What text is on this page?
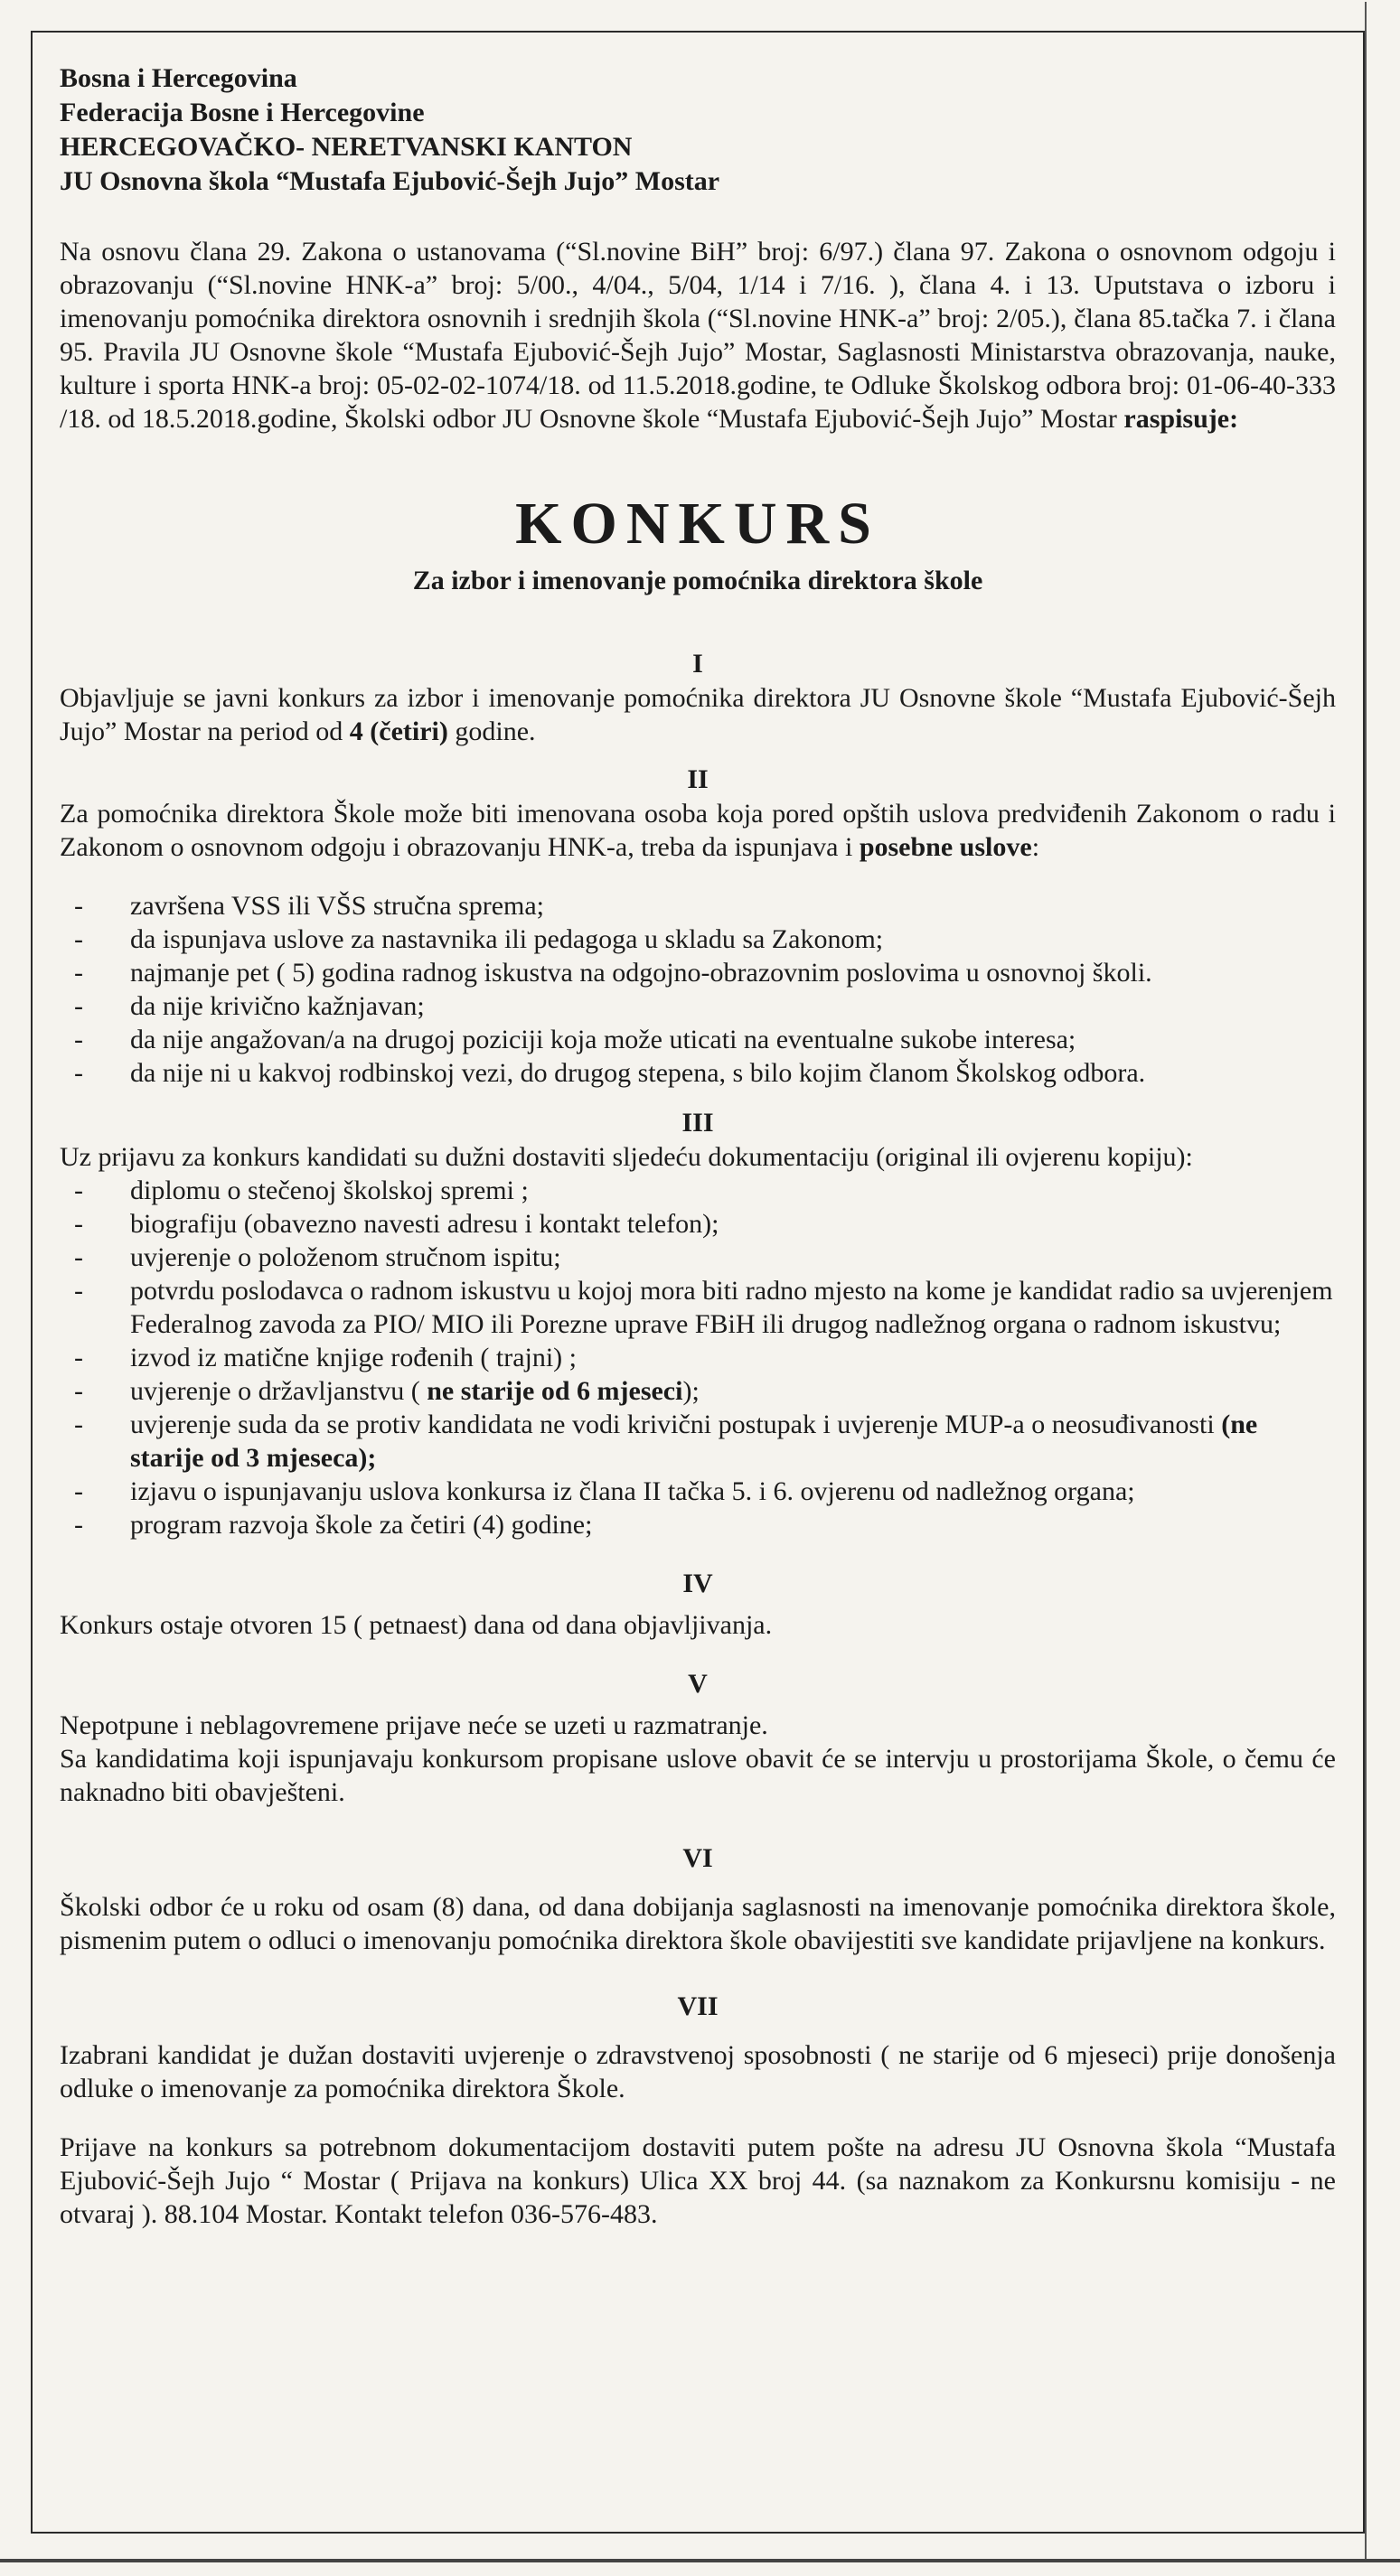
Bosna i Hercegovina
Federacija Bosne i Hercegovine
HERCEGOVAČKO- NERETVANSKI KANTON
JU Osnovna škola “Mustafa Ejubović-Šejh Jujo” Mostar
Na osnovu člana 29. Zakona o ustanovama (“Sl.novine BiH” broj: 6/97.) člana 97. Zakona o osnovnom odgoju i obrazovanju (“Sl.novine HNK-a” broj: 5/00., 4/04., 5/04, 1/14 i 7/16. ), člana 4. i 13. Uputstava o izboru i imenovanju pomoćnika direktora osnovnih i srednjih škola (“Sl.novine HNK-a” broj: 2/05.), člana 85.tačka 7. i člana 95. Pravila JU Osnovne škole “Mustafa Ejubović-Šejh Jujo” Mostar, Saglasnosti Ministarstva obrazovanja, nauke, kulture i sporta HNK-a broj: 05-02-02-1074/18. od 11.5.2018.godine, te Odluke Školskog odbora broj: 01-06-40-333 /18. od 18.5.2018.godine, Školski odbor JU Osnovne škole “Mustafa Ejubović-Šejh Jujo” Mostar raspisuje:
KONKURS
Za izbor i imenovanje pomoćnika direktora škole
I
Objavljuje se javni konkurs za izbor i imenovanje pomoćnika direktora JU Osnovne škole “Mustafa Ejubović-Šejh Jujo” Mostar na period od 4 (četiri) godine.
II
Za pomoćnika direktora Škole može biti imenovana osoba koja pored opštih uslova predviđenih Zakonom o radu i Zakonom o osnovnom odgoju i obrazovanju HNK-a, treba da ispunjava i posebne uslove:
- završena VSS ili VŠS stručna sprema;
- da ispunjava uslove za nastavnika ili pedagoga u skladu sa Zakonom;
- najmanje pet ( 5) godina radnog iskustva na odgojno-obrazovnim poslovima u osnovnoj školi.
- da nije krivično kažnjavan;
- da nije angažovan/a na drugoj poziciji koja može uticati na eventualne sukobe interesa;
- da nije ni u kakvoj rodbinskoj vezi, do drugog stepena, s bilo kojim članom Školskog odbora.
III
Uz prijavu za konkurs kandidati su dužni dostaviti sljedeću dokumentaciju (original ili ovjerenu kopiju):
- diplomu o stečenoj školskoj spremi ;
- biografiju (obavezno navesti adresu i kontakt telefon);
- uvjerenje o položenom stručnom ispitu;
- potvrdu poslodavca o radnom iskustvu u kojoj mora biti radno mjesto na kome je kandidat radio sa uvjerenjem Federalnog zavoda za PIO/ MIO ili Porezne uprave FBiH ili drugog nadležnog organa o radnom iskustvu;
- izvod iz matične knjige rođenih ( trajni) ;
- uvjerenje o državljanstvu ( ne starije od 6 mjeseci);
- uvjerenje suda da se protiv kandidata ne vodi krivični postupak i uvjerenje MUP-a o neosuđivanosti (ne starije od 3 mjeseca);
- izjavu o ispunjavanju uslova konkursa iz člana II tačka 5. i 6. ovjerenu od nadležnog organa;
- program razvoja škole za četiri (4) godine;
IV
Konkurs ostaje otvoren 15 ( petnaest) dana od dana objavljivanja.
V
Nepotpune i neblagovremene prijave neće se uzeti u razmatranje.
Sa kandidatima koji ispunjavaju konkursom propisane uslove obavit će se intervju u prostorijama Škole, o čemu će naknadno biti obavješteni.
VI
Školski odbor će u roku od osam (8) dana, od dana dobijanja saglasnosti na imenovanje pomoćnika direktora škole, pismenim putem o odluci o imenovanju pomoćnika direktora škole obavijestiti sve kandidate prijavljene na konkurs.
VII
Izabrani kandidat je dužan dostaviti uvjerenje o zdravstvenoj sposobnosti ( ne starije od 6 mjeseci) prije donošenja odluke o imenovanje za pomoćnika direktora Škole.
Prijave na konkurs sa potrebnom dokumentacijom dostaviti putem pošte na adresu JU Osnovna škola “Mustafa Ejubović-Šejh Jujo “ Mostar ( Prijava na konkurs) Ulica XX broj 44. (sa naznakom za Konkursnu komisiju - ne otvaraj ). 88.104 Mostar. Kontakt telefon 036-576-483.
